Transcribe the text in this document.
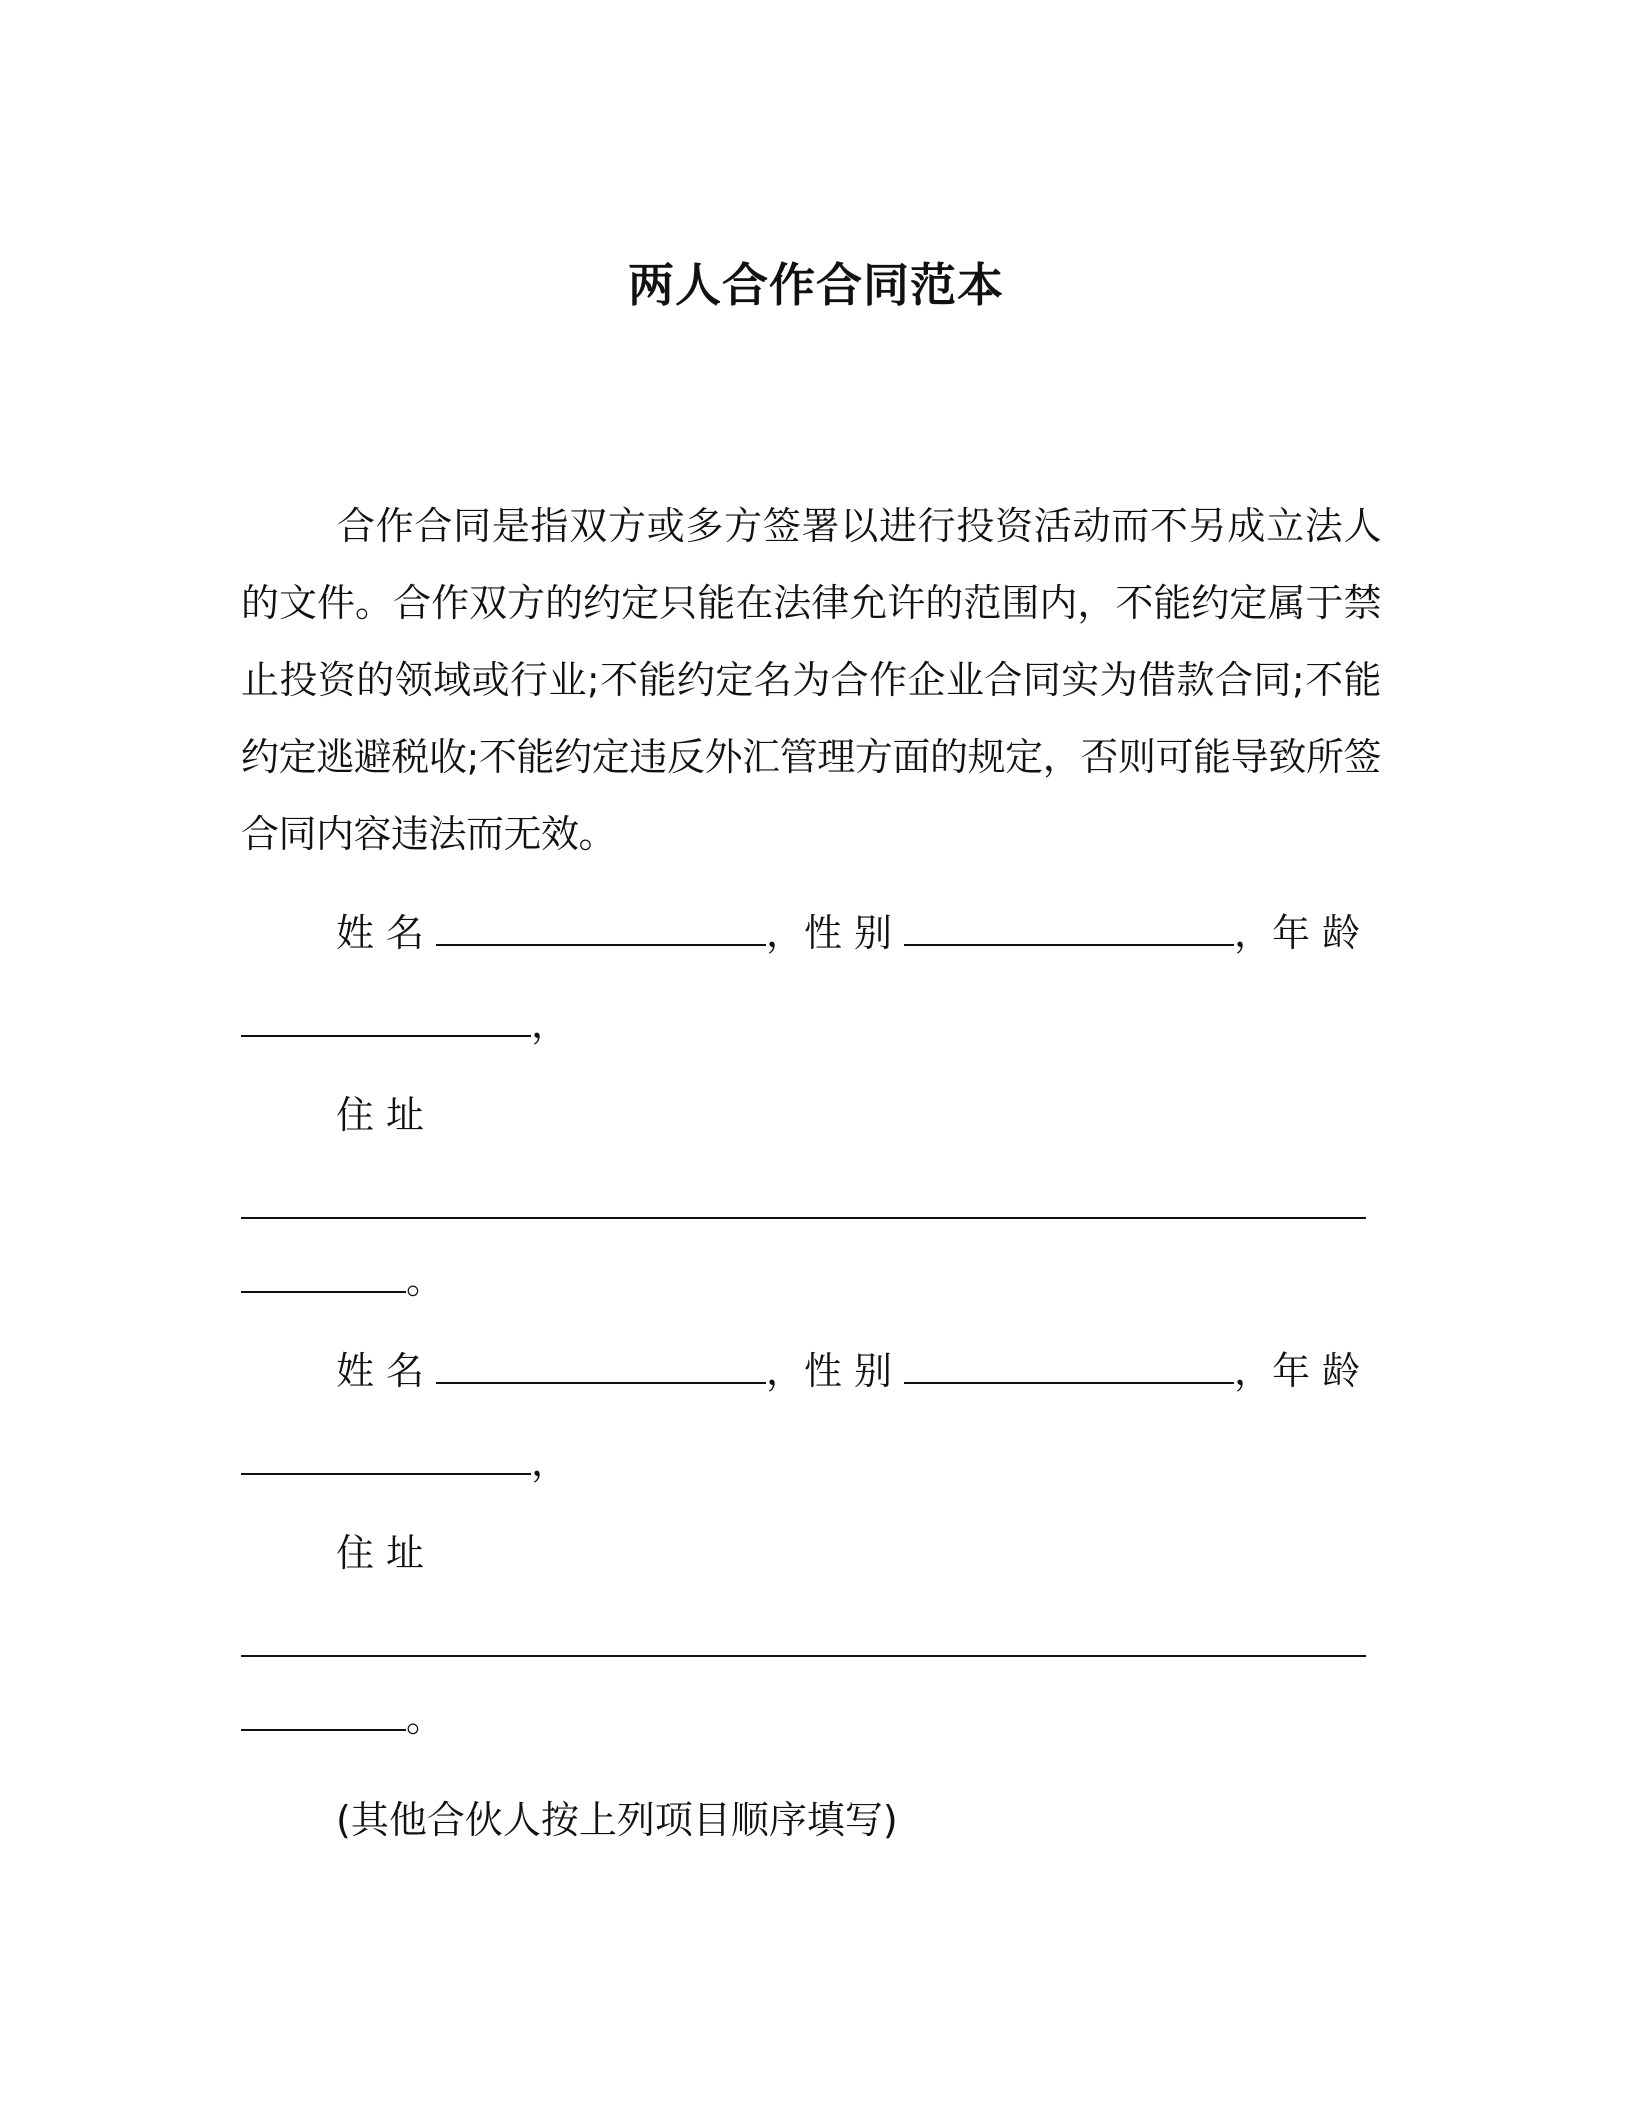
两人合作合同范本

合作合同是指双方或多方签署以进行投资活动而不另成立法人的文件。合作双方的约定只能在法律允许的范围内，不能约定属于禁止投资的领域或行业;不能约定名为合作企业合同实为借款合同;不能约定逃避税收;不能约定违反外汇管理方面的规定，否则可能导致所签合同内容违法而无效。

姓名	，性别	，年龄
，
住址
。
姓名	，性别	，年龄
，
住址
。

(其他合伙人按上列项目顺序填写)
